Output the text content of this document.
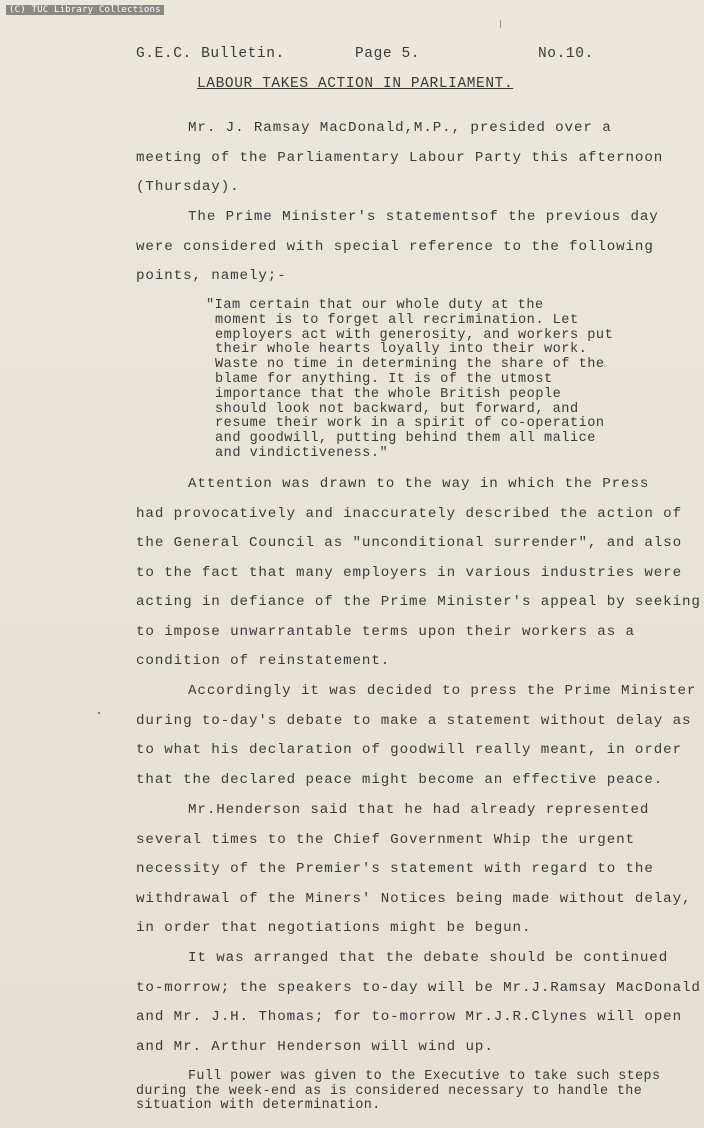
(C) TUC Library Collections
G.E.C. Bulletin.	Page 5.	No.10.
LABOUR TAKES ACTION IN PARLIAMENT.
Mr. J. Ramsay MacDonald,M.P., presided over a
meeting of the Parliamentary Labour Party this afternoon
(Thursday).
The Prime Minister's statementsof the previous day
were considered with special reference to the following
points, namely;-
"Iam certain that our whole duty at the
moment is to forget all recrimination. Let
employers act with generosity, and workers put
their whole hearts loyally into their work.
Waste no time in determining the share of the
blame for anything. It is of the utmost
importance that the whole British people
should look not backward, but forward, and
resume their work in a spirit of co-operation
and goodwill, putting behind them all malice
and vindictiveness."
Attention was drawn to the way in which the Press
had provocatively and inaccurately described the action of
the General Council as "unconditional surrender", and also
to the fact that many employers in various industries were
acting in defiance of the Prime Minister's appeal by seeking
to impose unwarrantable terms upon their workers as a
condition of reinstatement.
Accordingly it was decided to press the Prime Minister
during to-day's debate to make a statement without delay as
to what his declaration of goodwill really meant, in order
that the declared peace might become an effective peace.
Mr.Henderson said that he had already represented
several times to the Chief Government Whip the urgent
necessity of the Premier's statement with regard to the
withdrawal of the Miners' Notices being made without delay,
in order that negotiations might be begun.
It was arranged that the debate should be continued
to-morrow; the speakers to-day will be Mr.J.Ramsay MacDonald
and Mr. J.H. Thomas; for to-morrow Mr.J.R.Clynes will open
and Mr. Arthur Henderson will wind up.
Full power was given to the Executive to take such steps
during the week-end as is considered necessary to handle the
situation with determination.
